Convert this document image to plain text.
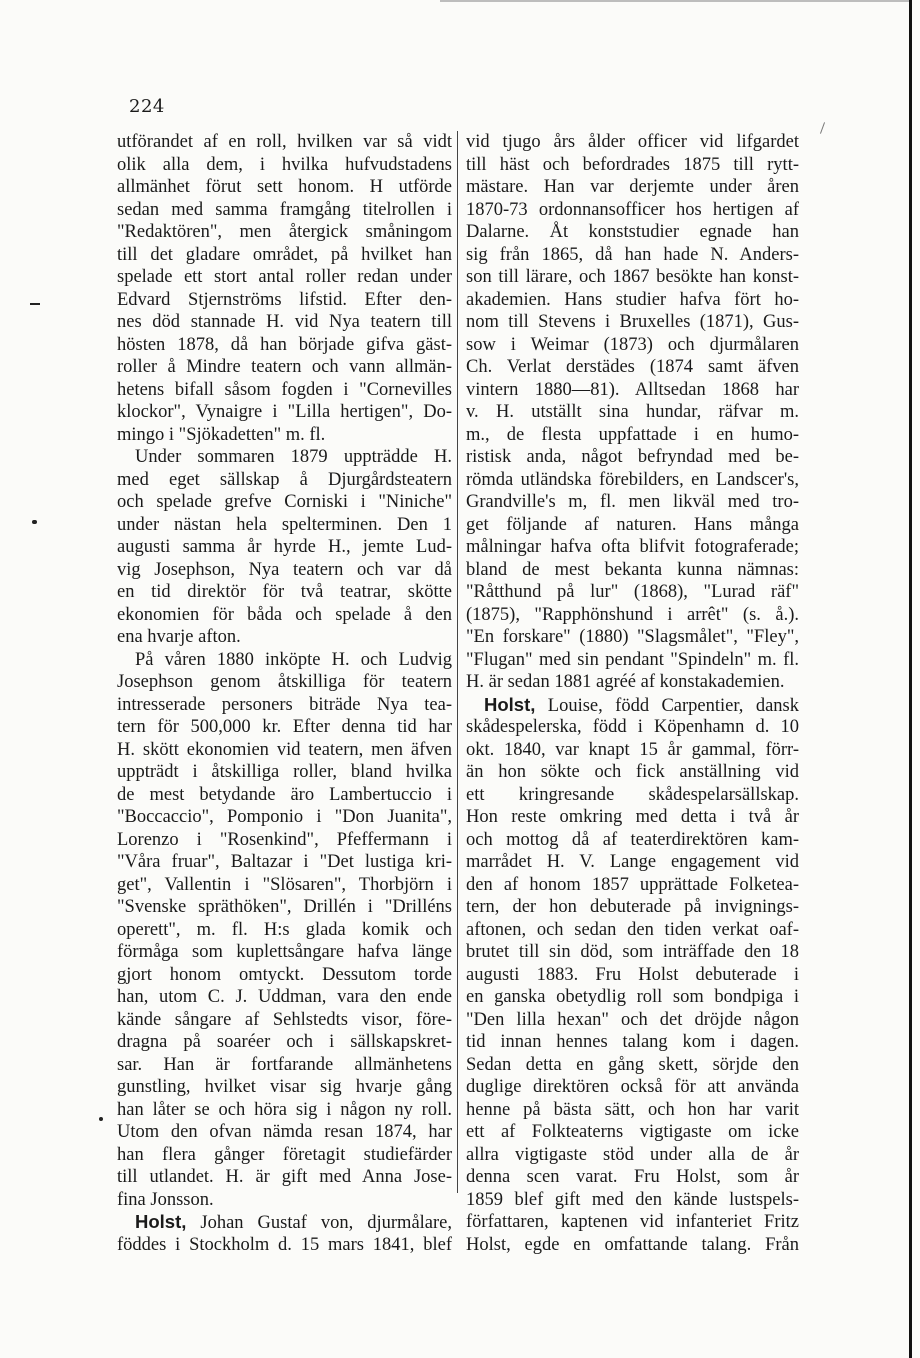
224
utförandet af en roll, hvilken var så vidt
olik alla dem, i hvilka hufvudstadens
allmänhet förut sett honom. H utförde
sedan med samma framgång titelrollen i
"Redaktören", men återgick småningom
till det gladare området, på hvilket han
spelade ett stort antal roller redan under
Edvard Stjernströms lifstid. Efter den-
nes död stannade H. vid Nya teatern till
hösten 1878, då han började gifva gäst-
roller å Mindre teatern och vann allmän-
hetens bifall såsom fogden i "Cornevilles
klockor", Vynaigre i "Lilla hertigen", Do-
mingo i "Sjökadetten" m. fl.
Under sommaren 1879 uppträdde H.
med eget sällskap å Djurgårdsteatern
och spelade grefve Corniski i "Niniche"
under nästan hela spelterminen. Den 1
augusti samma år hyrde H., jemte Lud-
vig Josephson, Nya teatern och var då
en tid direktör för två teatrar, skötte
ekonomien för båda och spelade å den
ena hvarje afton.
På våren 1880 inköpte H. och Ludvig
Josephson genom åtskilliga för teatern
intresserade personers biträde Nya tea-
tern för 500,000 kr. Efter denna tid har
H. skött ekonomien vid teatern, men äfven
uppträdt i åtskilliga roller, bland hvilka
de mest betydande äro Lambertuccio i
"Boccaccio", Pomponio i "Don Juanita",
Lorenzo i "Rosenkind", Pfeffermann i
"Våra fruar", Baltazar i "Det lustiga kri-
get", Vallentin i "Slösaren", Thorbjörn i
"Svenske spräthöken", Drillén i "Drilléns
operett", m. fl. H:s glada komik och
förmåga som kuplettsångare hafva länge
gjort honom omtyckt. Dessutom torde
han, utom C. J. Uddman, vara den ende
kände sångare af Sehlstedts visor, före-
dragna på soaréer och i sällskapskret-
sar. Han är fortfarande allmänhetens
gunstling, hvilket visar sig hvarje gång
han låter se och höra sig i någon ny roll.
Utom den ofvan nämda resan 1874, har
han flera gånger företagit studiefärder
till utlandet. H. är gift med Anna Jose-
fina Jonsson.
Holst, Johan Gustaf von, djurmålare,
föddes i Stockholm d. 15 mars 1841, blef
vid tjugo års ålder officer vid lifgardet
till häst och befordrades 1875 till rytt-
mästare. Han var derjemte under åren
1870-73 ordonnansofficer hos hertigen af
Dalarne. Åt konststudier egnade han
sig från 1865, då han hade N. Anders-
son till lärare, och 1867 besökte han konst-
akademien. Hans studier hafva fört ho-
nom till Stevens i Bruxelles (1871), Gus-
sow i Weimar (1873) och djurmålaren
Ch. Verlat derstädes (1874 samt äfven
vintern 1880—81). Alltsedan 1868 har
v. H. utställt sina hundar, räfvar m.
m., de flesta uppfattade i en humo-
ristisk anda, något befryndad med be-
römda utländska förebilders, en Landscer's,
Grandville's m, fl. men likväl med tro-
get följande af naturen. Hans många
målningar hafva ofta blifvit fotograferade;
bland de mest bekanta kunna nämnas:
"Råtthund på lur" (1868), "Lurad räf"
(1875), "Rapphönshund i arrêt" (s. å.).
"En forskare" (1880) "Slagsmålet", "Fley",
"Flugan" med sin pendant "Spindeln" m. fl.
H. är sedan 1881 agréé af konstakademien.
Holst, Louise, född Carpentier, dansk
skådespelerska, född i Köpenhamn d. 10
okt. 1840, var knapt 15 år gammal, förr-
än hon sökte och fick anställning vid
ett kringresande skådespelarsällskap.
Hon reste omkring med detta i två år
och mottog då af teaterdirektören kam-
marrådet H. V. Lange engagement vid
den af honom 1857 upprättade Folketea-
tern, der hon debuterade på invignings-
aftonen, och sedan den tiden verkat oaf-
brutet till sin död, som inträffade den 18
augusti 1883. Fru Holst debuterade i
en ganska obetydlig roll som bondpiga i
"Den lilla hexan" och det dröjde någon
tid innan hennes talang kom i dagen.
Sedan detta en gång skett, sörjde den
duglige direktören också för att använda
henne på bästa sätt, och hon har varit
ett af Folkteaterns vigtigaste om icke
allra vigtigaste stöd under alla de år
denna scen varat. Fru Holst, som år
1859 blef gift med den kände lustspels-
författaren, kaptenen vid infanteriet Fritz
Holst, egde en omfattande talang. Från
